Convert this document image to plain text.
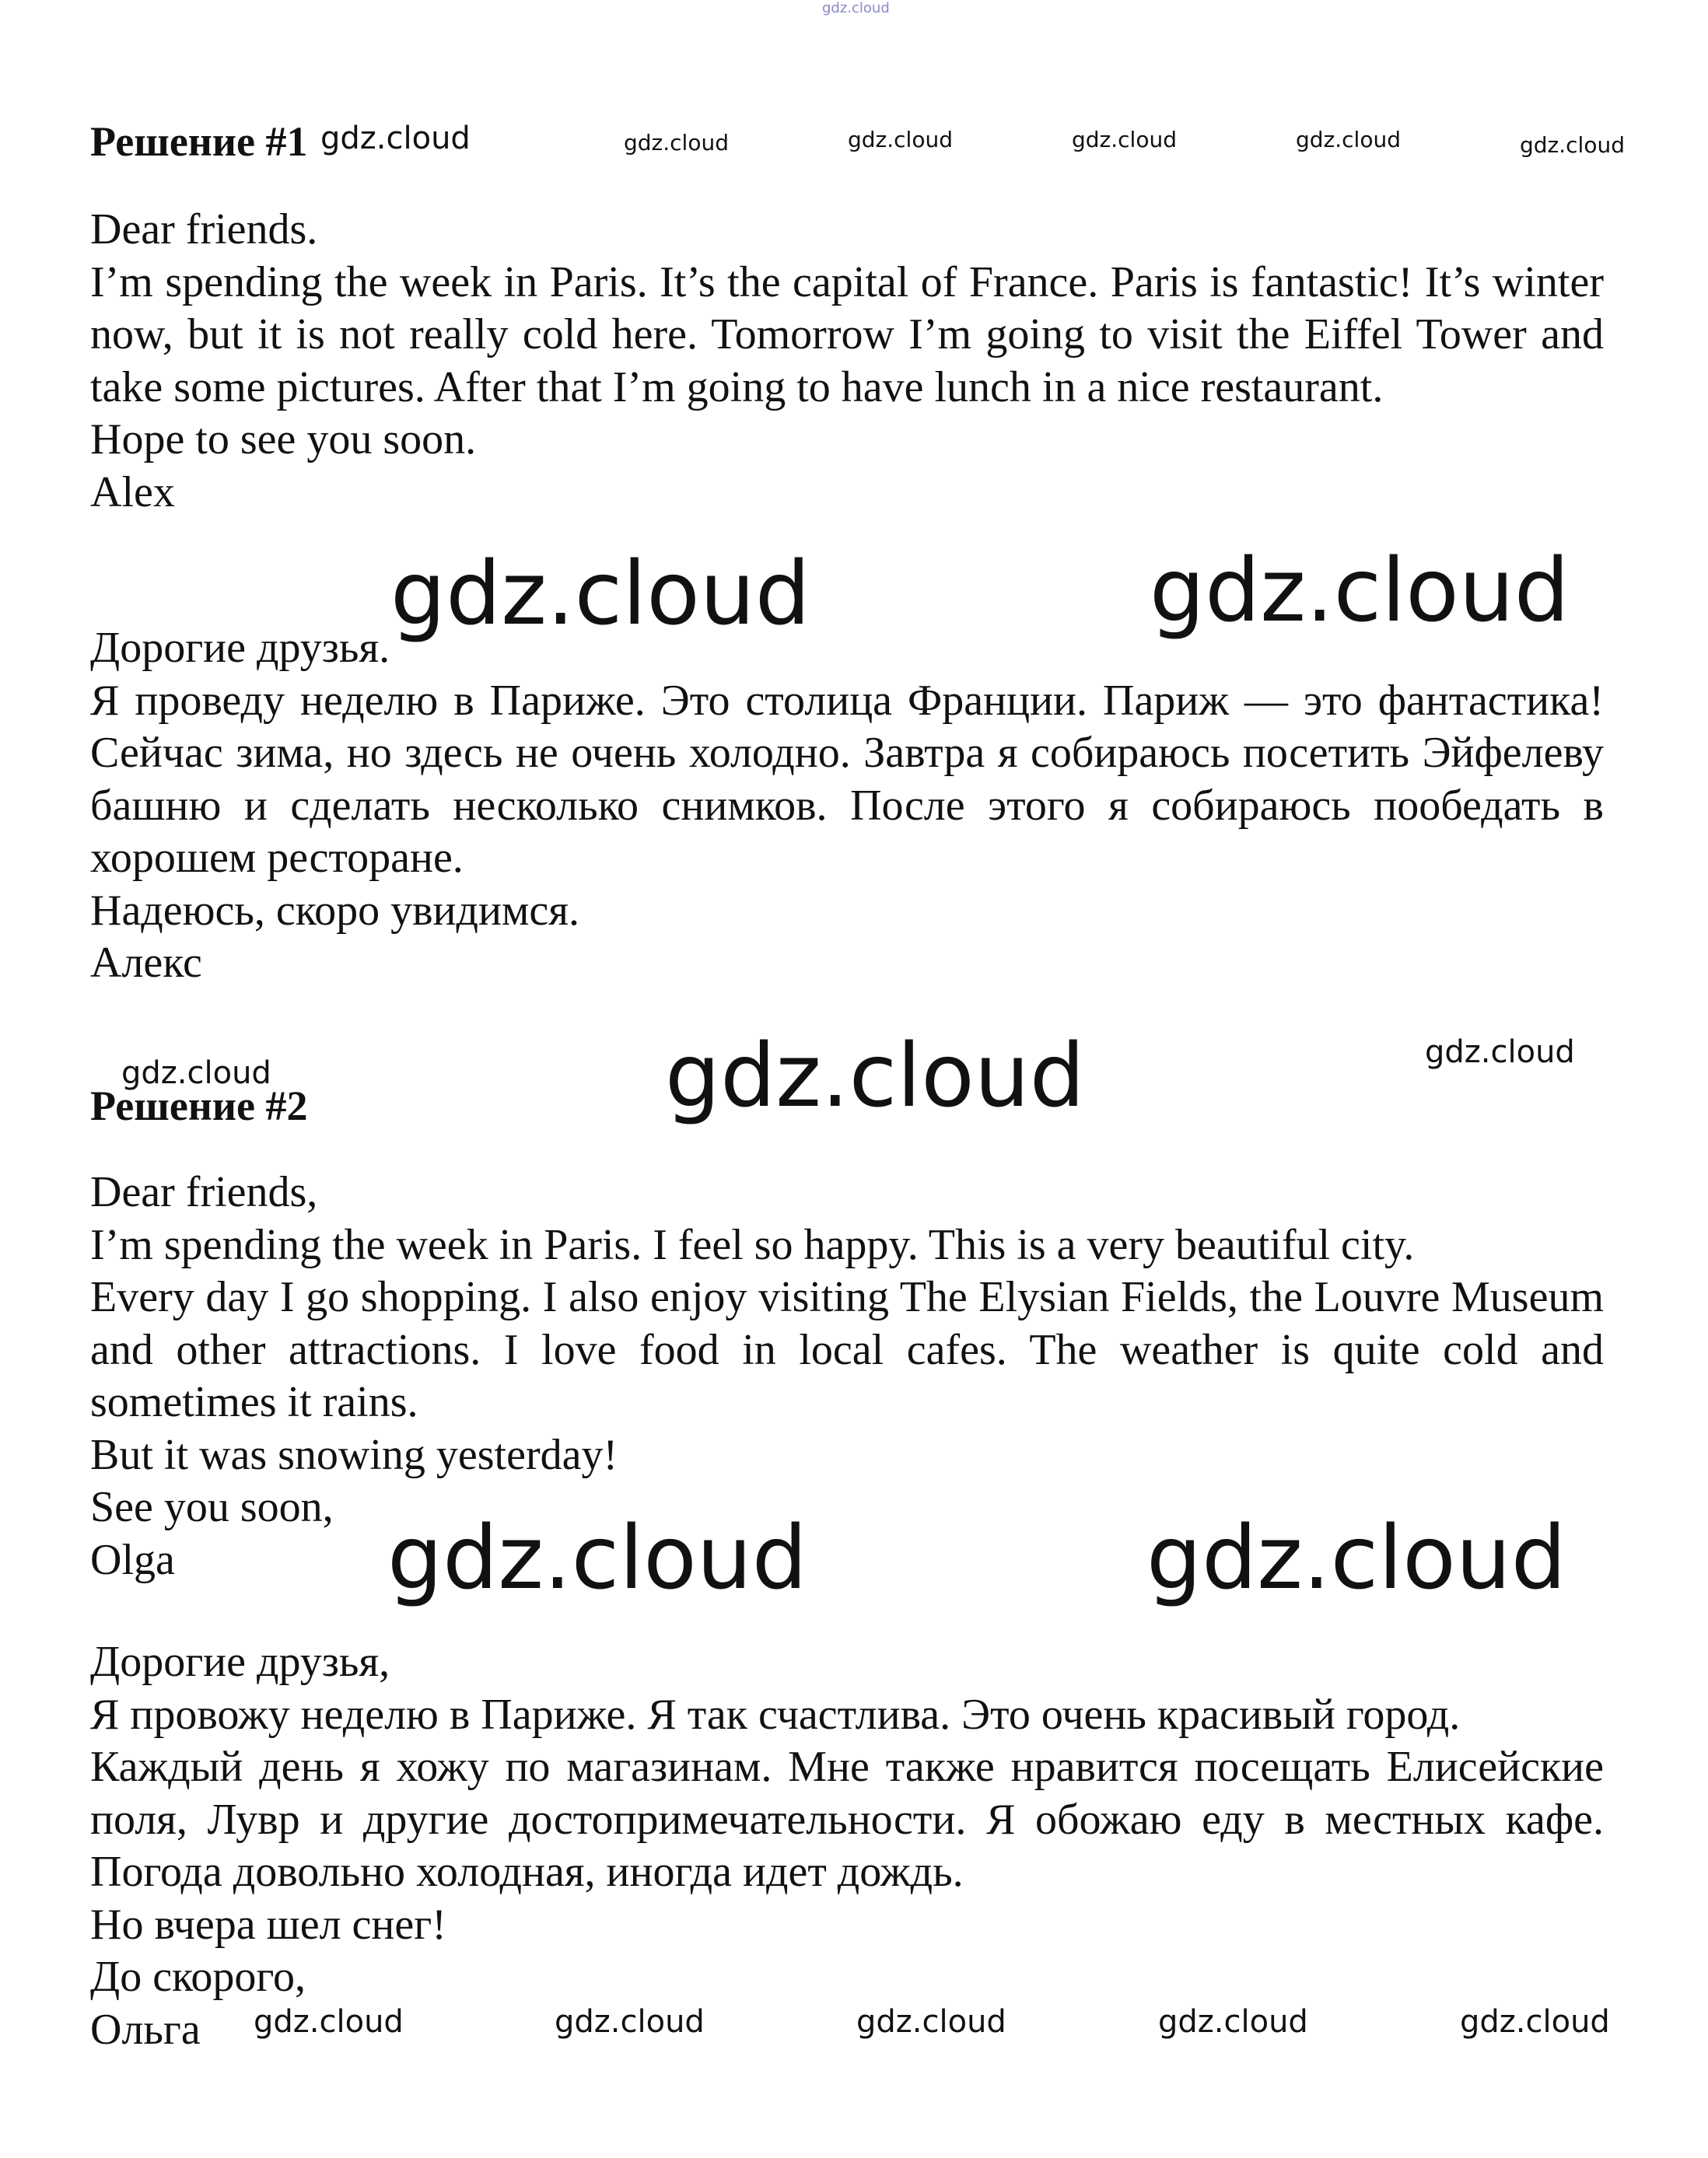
gdz.cloud
Решение #1 gdz.cloud	gdz.cloud	gdz.cloud	gdz.cloud	gdz.cloud	gdz.cloud

Dear friends.

I’m spending the week in Paris. It’s the capital of France. Paris is fantastic! It’s winter now, but it is not really cold here. Tomorrow I’m going to visit the Eiffel Tower and take some pictures. After that I’m going to have lunch in a nice restaurant.

Hope to see you soon.

Alex

gdz.cloud	gdz.cloud

Дорогие друзья.

Я проведу неделю в Париже. Это столица Франции. Париж — это фантастика! Сейчас зима, но здесь не очень холодно. Завтра я собираюсь посетить Эйфелеву башню и сделать несколько снимков. После этого я собираюсь пообедать в хорошем ресторане.

Надеюсь, скоро увидимся.

Алекс

gdz.cloud
gdz.cloud
gdz.cloud
Решение #2

Dear friends,

I’m spending the week in Paris. I feel so happy. This is a very beautiful city.

Every day I go shopping. I also enjoy visiting The Elysian Fields, the Louvre Museum and other attractions. I love food in local cafes. The weather is quite cold and sometimes it rains.

But it was snowing yesterday!

See you soon,

Olga	gdz.cloud	gdz.cloud

Дорогие друзья,

Я провожу неделю в Париже. Я так счастлива. Это очень красивый город.

Каждый день я хожу по магазинам. Мне также нравится посещать Елисейские поля, Лувр и другие достопримечательности. Я обожаю еду в местных кафе. Погода довольно холодная, иногда идет дождь.

Но вчера шел снег!

До скорого,

Ольга	gdz.cloud	gdz.cloud	gdz.cloud	gdz.cloud	gdz.cloud
